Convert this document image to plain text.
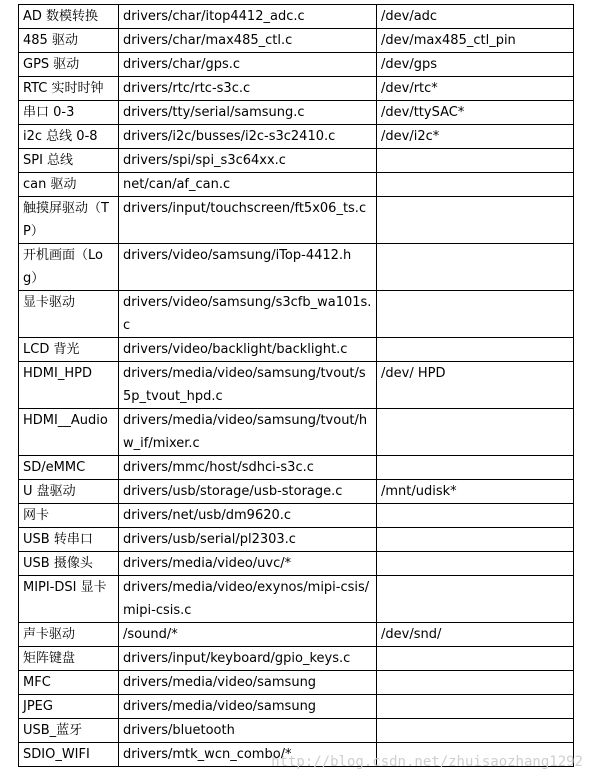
AD 数模转换	drivers/char/itop4412_adc.c	/dev/adc
485 驱动	drivers/char/max485_ctl.c	/dev/max485_ctl_pin
GPS 驱动	drivers/char/gps.c	/dev/gps
RTC 实时时钟	drivers/rtc/rtc-s3c.c	/dev/rtc*
串口 0-3	drivers/tty/serial/samsung.c	/dev/ttySAC*
i2c 总线 0-8	drivers/i2c/busses/i2c-s3c2410.c	/dev/i2c*
SPI 总线	drivers/spi/spi_s3c64xx.c	
can 驱动	net/can/af_can.c	
触摸屏驱动（TP）	drivers/input/touchscreen/ft5x06_ts.c	
开机画面（Log）	drivers/video/samsung/iTop-4412.h	
显卡驱动	drivers/video/samsung/s3cfb_wa101s.c	
LCD 背光	drivers/video/backlight/backlight.c	
HDMI_HPD	drivers/media/video/samsung/tvout/s5p_tvout_hpd.c	/dev/ HPD
HDMI__Audio	drivers/media/video/samsung/tvout/hw_if/mixer.c	
SD/eMMC	drivers/mmc/host/sdhci-s3c.c	
U 盘驱动	drivers/usb/storage/usb-storage.c	/mnt/udisk*
网卡	drivers/net/usb/dm9620.c	
USB 转串口	drivers/usb/serial/pl2303.c	
USB 摄像头	drivers/media/video/uvc/*	
MIPI-DSI 显卡	drivers/media/video/exynos/mipi-csis/mipi-csis.c	
声卡驱动	/sound/*	/dev/snd/
矩阵键盘	drivers/input/keyboard/gpio_keys.c	
MFC	drivers/media/video/samsung	
JPEG	drivers/media/video/samsung	
USB_蓝牙	drivers/bluetooth	
SDIO_WIFI	drivers/mtk_wcn_combo/*	
http://blog.csdn.net/zhuisaozhang1292
